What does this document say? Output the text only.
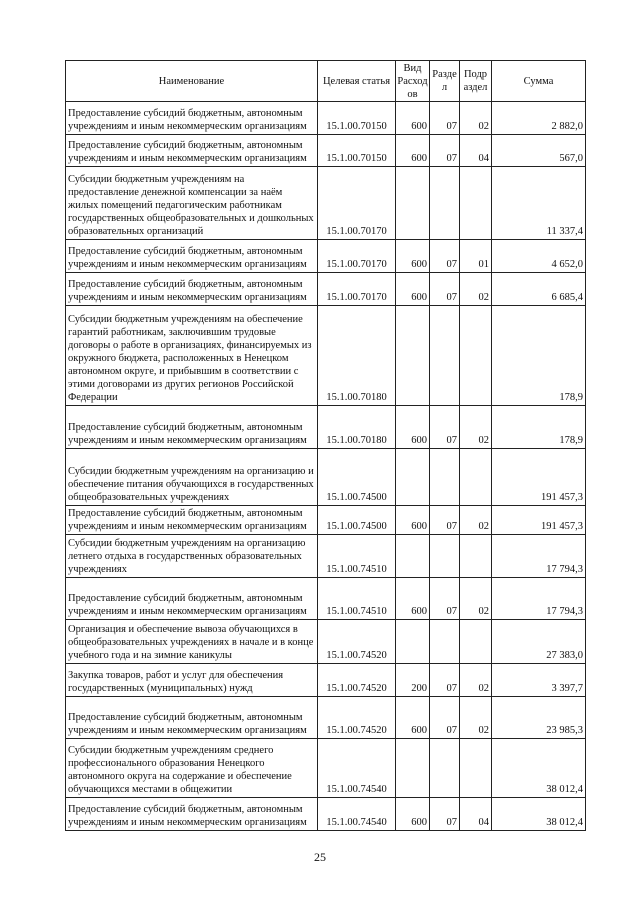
Наименование	Целевая статья	Вид Расход ов	Разде л	Подр аздел	Сумма
Предоставление субсидий бюджетным, автономным учреждениям и иным некоммерческим организациям	15.1.00.70150	600	07	02	2 882,0
Предоставление субсидий бюджетным, автономным учреждениям и иным некоммерческим организациям	15.1.00.70150	600	07	04	567,0
Субсидии бюджетным учреждениям на предоставление денежной компенсации за наём жилых помещений педагогическим работникам государственных общеобразовательных и дошкольных образовательных организаций	15.1.00.70170				11 337,4
Предоставление субсидий бюджетным, автономным учреждениям и иным некоммерческим организациям	15.1.00.70170	600	07	01	4 652,0
Предоставление субсидий бюджетным, автономным учреждениям и иным некоммерческим организациям	15.1.00.70170	600	07	02	6 685,4
Субсидии бюджетным учреждениям на обеспечение гарантий работникам, заключившим трудовые договоры о работе в организациях, финансируемых из окружного бюджета, расположенных в Ненецком автономном округе, и прибывшим в соответствии с этими договорами из других регионов Российской Федерации	15.1.00.70180				178,9
Предоставление субсидий бюджетным, автономным учреждениям и иным некоммерческим организациям	15.1.00.70180	600	07	02	178,9
Субсидии бюджетным учреждениям на организацию и обеспечение питания обучающихся в государственных общеобразовательных учреждениях	15.1.00.74500				191 457,3
Предоставление субсидий бюджетным, автономным учреждениям и иным некоммерческим организациям	15.1.00.74500	600	07	02	191 457,3
Субсидии бюджетным учреждениям на организацию летнего отдыха в государственных образовательных учреждениях	15.1.00.74510				17 794,3
Предоставление субсидий бюджетным, автономным учреждениям и иным некоммерческим организациям	15.1.00.74510	600	07	02	17 794,3
Организация и обеспечение вывоза обучающихся в общеобразовательных учреждениях в начале и в конце учебного года и на зимние каникулы	15.1.00.74520				27 383,0
Закупка товаров, работ и услуг для обеспечения государственных (муниципальных) нужд	15.1.00.74520	200	07	02	3 397,7
Предоставление субсидий бюджетным, автономным учреждениям и иным некоммерческим организациям	15.1.00.74520	600	07	02	23 985,3
Субсидии бюджетным учреждениям среднего профессионального образования Ненецкого автономного округа на содержание и обеспечение обучающихся местами в общежитии	15.1.00.74540				38 012,4
Предоставление субсидий бюджетным, автономным учреждениям и иным некоммерческим организациям	15.1.00.74540	600	07	04	38 012,4
25
